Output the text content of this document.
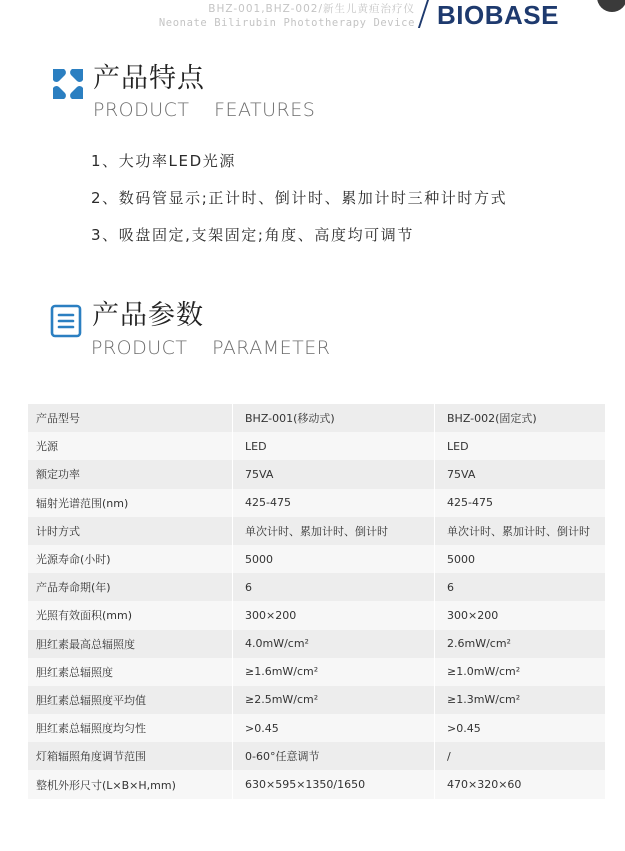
BHZ-001,BHZ-002/新生儿黄疸治疗仪
Neonate Bilirubin Phototherapy Device BIOBASE
产品特点
PRODUCT FEATURES
1、大功率LED光源
2、数码管显示;正计时、倒计时、累加计时三种计时方式
3、吸盘固定,支架固定;角度、高度均可调节
产品参数
PRODUCT PARAMETER
产品型号	BHZ-001(移动式)	BHZ-002(固定式)
光源	LED	LED
额定功率	75VA	75VA
辐射光谱范围(nm)	425-475	425-475
计时方式	单次计时、累加计时、倒计时	单次计时、累加计时、倒计时
光源寿命(小时)	5000	5000
产品寿命期(年)	6	6
光照有效面积(mm)	300×200	300×200
胆红素最高总辐照度	4.0mW/cm²	2.6mW/cm²
胆红素总辐照度	≥1.6mW/cm²	≥1.0mW/cm²
胆红素总辐照度平均值	≥2.5mW/cm²	≥1.3mW/cm²
胆红素总辐照度均匀性	>0.45	>0.45
灯箱辐照角度调节范围	0-60°任意调节	/
整机外形尺寸(L×B×H,mm)	630×595×1350/1650	470×320×60
